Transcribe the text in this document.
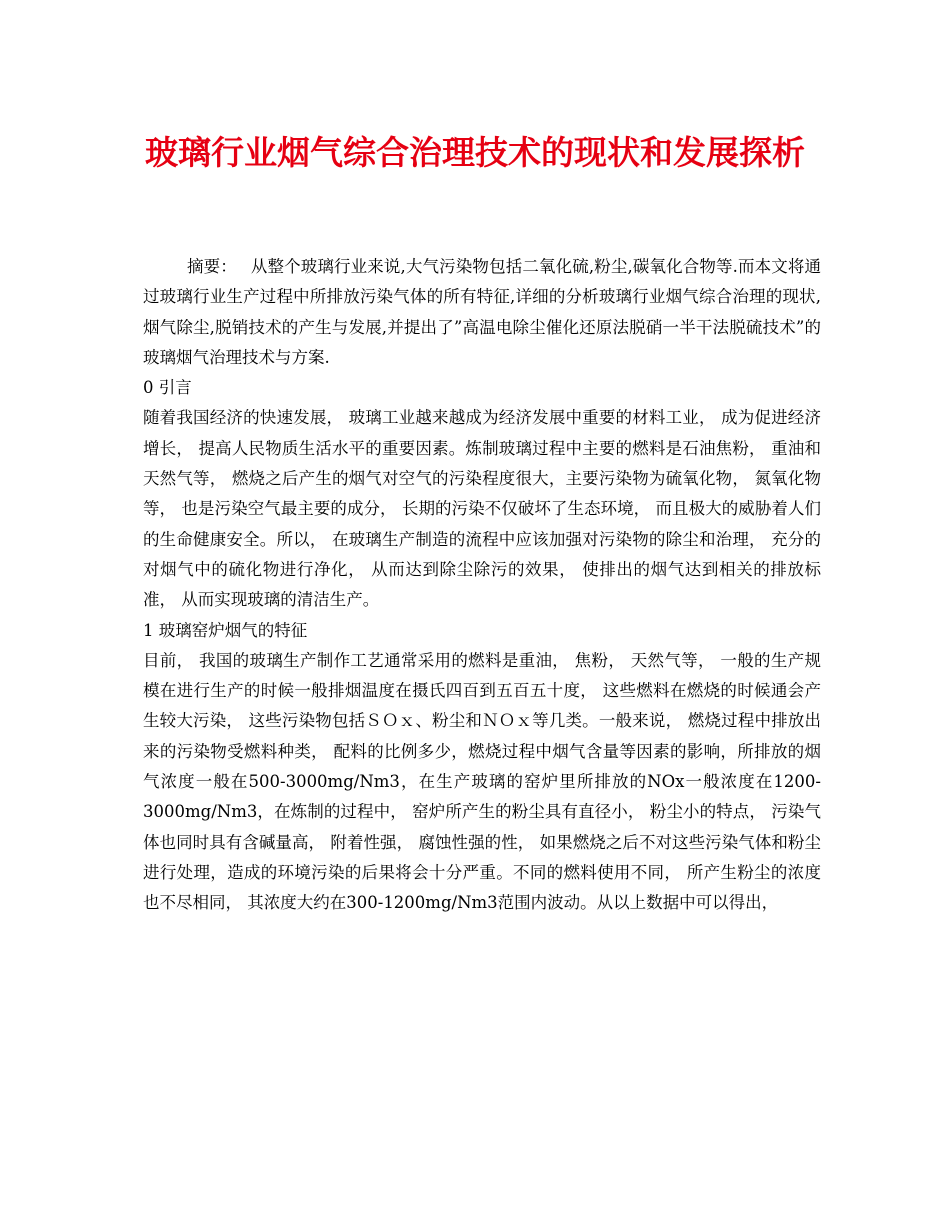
玻璃行业烟气综合治理技术的现状和发展探析

摘要： 从整个玻璃行业来说,大气污染物包括二氧化硫,粉尘,碳氧化合物等.而本文将通过玻璃行业生产过程中所排放污染气体的所有特征,详细的分析玻璃行业烟气综合治理的现状,烟气除尘,脱销技术的产生与发展,并提出了”高温电除尘催化还原法脱硝一半干法脱硫技术”的玻璃烟气治理技术与方案.

0 引言

随着我国经济的快速发展， 玻璃工业越来越成为经济发展中重要的材料工业， 成为促进经济增长， 提高人民物质生活水平的重要因素。炼制玻璃过程中主要的燃料是石油焦粉， 重油和天然气等， 燃烧之后产生的烟气对空气的污染程度很大，主要污染物为硫氧化物， 氮氧化物等， 也是污染空气最主要的成分， 长期的污染不仅破坏了生态环境， 而且极大的威胁着人们的生命健康安全。所以， 在玻璃生产制造的流程中应该加强对污染物的除尘和治理， 充分的对烟气中的硫化物进行净化， 从而达到除尘除污的效果， 使排出的烟气达到相关的排放标准， 从而实现玻璃的清洁生产。

1 玻璃窑炉烟气的特征

目前， 我国的玻璃生产制作工艺通常采用的燃料是重油， 焦粉， 天然气等， 一般的生产规模在进行生产的时候一般排烟温度在摄氏四百到五百五十度， 这些燃料在燃烧的时候通会产生较大污染， 这些污染物包括ＳＯｘ、粉尘和ＮＯｘ等几类。一般来说， 燃烧过程中排放出来的污染物受燃料种类， 配料的比例多少，燃烧过程中烟气含量等因素的影响，所排放的烟气浓度一般在500-3000mg/Nm3，在生产玻璃的窑炉里所排放的NOx一般浓度在1200-3000mg/Nm3，在炼制的过程中， 窑炉所产生的粉尘具有直径小， 粉尘小的特点， 污染气体也同时具有含碱量高， 附着性强， 腐蚀性强的性， 如果燃烧之后不对这些污染气体和粉尘进行处理，造成的环境污染的后果将会十分严重。不同的燃料使用不同， 所产生粉尘的浓度也不尽相同， 其浓度大约在300-1200mg/Nm3范围内波动。从以上数据中可以得出，
